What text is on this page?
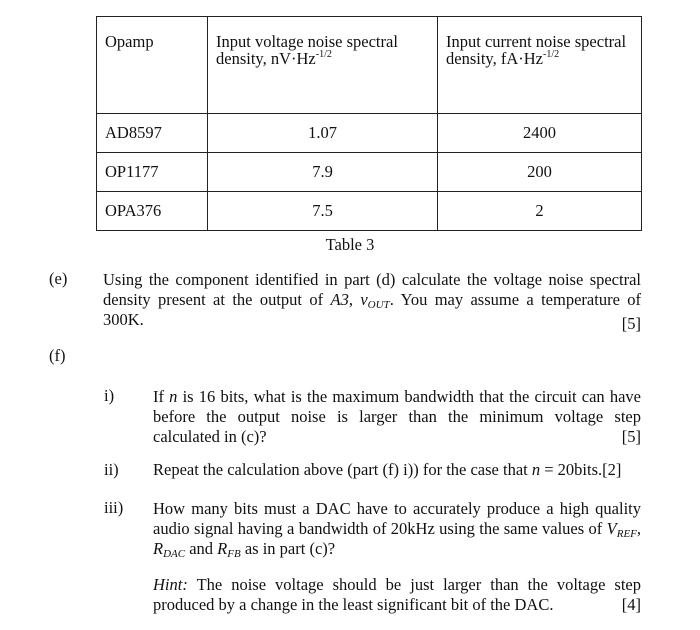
Opamp	Input voltage noise spectral density, $nV\cdot Hz^{-1/2}$	Input current noise spectral density, $fA\cdot Hz^{-1/2}$
AD8597	1.07	2400
OP1177	7.9	200
OPA376	7.5	2
Table 3
(e) Using the component identified in part (d) calculate the voltage noise spectral density present at the output of A3, $v_{OUT}$. You may assume a temperature of 300K.	[5]
(f)
i) If n is 16 bits, what is the maximum bandwidth that the circuit can have before the output noise is larger than the minimum voltage step calculated in (c)?	[5]
ii) Repeat the calculation above (part (f) i)) for the case that n = 20bits.[2]
iii) How many bits must a DAC have to accurately produce a high quality audio signal having a bandwidth of 20kHz using the same values of $V_{REF}$, $R_{DAC}$ and $R_{FB}$ as in part (c)?
Hint: The noise voltage should be just larger than the voltage step produced by a change in the least significant bit of the DAC.	[4]
